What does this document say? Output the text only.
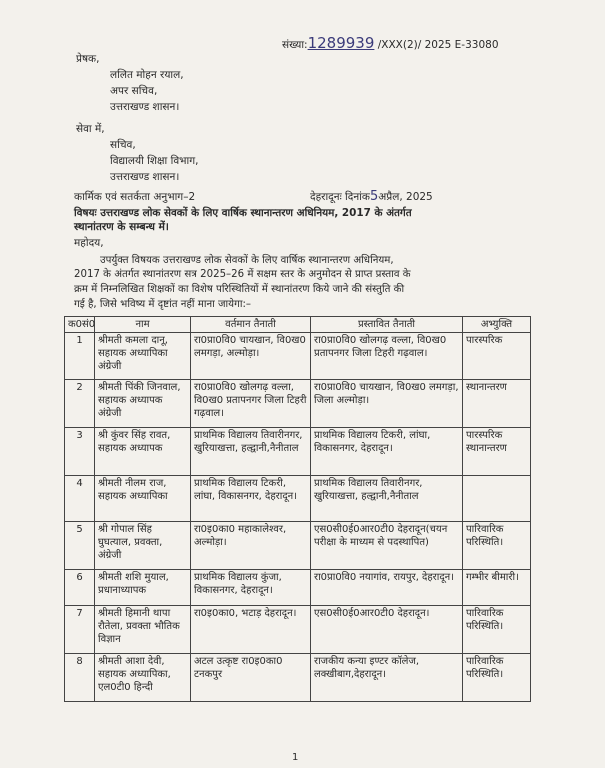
संख्या:1289939 /XXX(2)/ 2025 E-33080
प्रेषक,
ललित मोहन रयाल,
अपर सचिव,
उत्तराखण्ड शासन।
सेवा में,
सचिव,
विद्यालयी शिक्षा विभाग,
उत्तराखण्ड शासन।
कार्मिक एवं सतर्कता अनुभाग–2	देहरादूनः दिनांक5अप्रैल, 2025
विषयः उत्तराखण्ड लोक सेवकों के लिए वार्षिक स्थानान्तरण अधिनियम, 2017 के अंतर्गत
स्थानांतरण के सम्बन्ध में।
महोदय,
उपर्युक्त विषयक उत्तराखण्ड लोक सेवकों के लिए वार्षिक स्थानान्तरण अधिनियम,
2017 के अंतर्गत स्थानांतरण सत्र 2025–26 में सक्षम स्तर के अनुमोदन से प्राप्त प्रस्ताव के
क्रम में निम्नलिखित शिक्षकों का विशेष परिस्थितियों में स्थानांतरण किये जाने की संस्तुति की
गई है, जिसे भविष्य में दृष्टांत नहीं माना जायेगा:–
क0सं0	नाम	वर्तमान तैनाती	प्रस्तावित तैनाती	अभ्युक्ति
1	श्रीमती कमला दानू, सहायक अध्यापिका अंग्रेजी	रा0प्रा0वि0 चायखान, वि0ख0 लमगड़ा, अल्मोड़ा।	रा0प्रा0वि0 खोलगढ़ वल्ला, वि0ख0 प्रतापनगर जिला टिहरी गढ़वाल।	पारस्परिक
2	श्रीमती पिंकी जिनवाल, सहायक अध्यापक अंग्रेजी	रा0प्रा0वि0 खोलगढ़ वल्ला, वि0ख0 प्रतापनगर जिला टिहरी गढ़वाल।	रा0प्रा0वि0 चायखान, वि0ख0 लमगड़ा, जिला अल्मोड़ा।	स्थानान्तरण
3	श्री कुंवर सिंह रावत, सहायक अध्यापक	प्राथमिक विद्यालय तिवारीनगर, खुरियाखत्ता, हल्द्वानी,नैनीताल	प्राथमिक विद्यालय टिकरी, लांघा, विकासनगर, देहरादून।	पारस्परिक स्थानान्तरण
4	श्रीमती नीलम राज, सहायक अध्यापिका	प्राथमिक विद्यालय टिकरी, लांघा, विकासनगर, देहरादून।	प्राथमिक विद्यालय तिवारीनगर, खुरियाखत्ता, हल्द्वानी,नैनीताल	
5	श्री गोपाल सिंह घुघत्याल, प्रवक्ता, अंग्रेजी	रा0इ0का0 महाकालेश्वर, अल्मोड़ा।	एस0सी0ई0आर0टी0 देहरादून(चयन परीक्षा के माध्यम से पदस्थापित)	पारिवारिक परिस्थिति।
6	श्रीमती शशि मुयाल, प्रधानाध्यापक	प्राथमिक विद्यालय कुंजा, विकासनगर, देहरादून।	रा0प्रा0वि0 नयागांव, रायपुर, देहरादून।	गम्भीर बीमारी।
7	श्रीमती हिमानी थापा रौतेला, प्रवक्ता भौतिक विज्ञान	रा0इ0का0, भटाड़ देहरादून।	एस0सी0ई0आर0टी0 देहरादून।	पारिवारिक परिस्थिति।
8	श्रीमती आशा देवी, सहायक अध्यापिका, एल0टी0 हिन्दी	अटल उत्कृष्ट रा0इ0का0 टनकपुर	राजकीय कन्या इण्टर कॉलेज, लक्खीबाग,देहरादून।	पारिवारिक परिस्थिति।
1
